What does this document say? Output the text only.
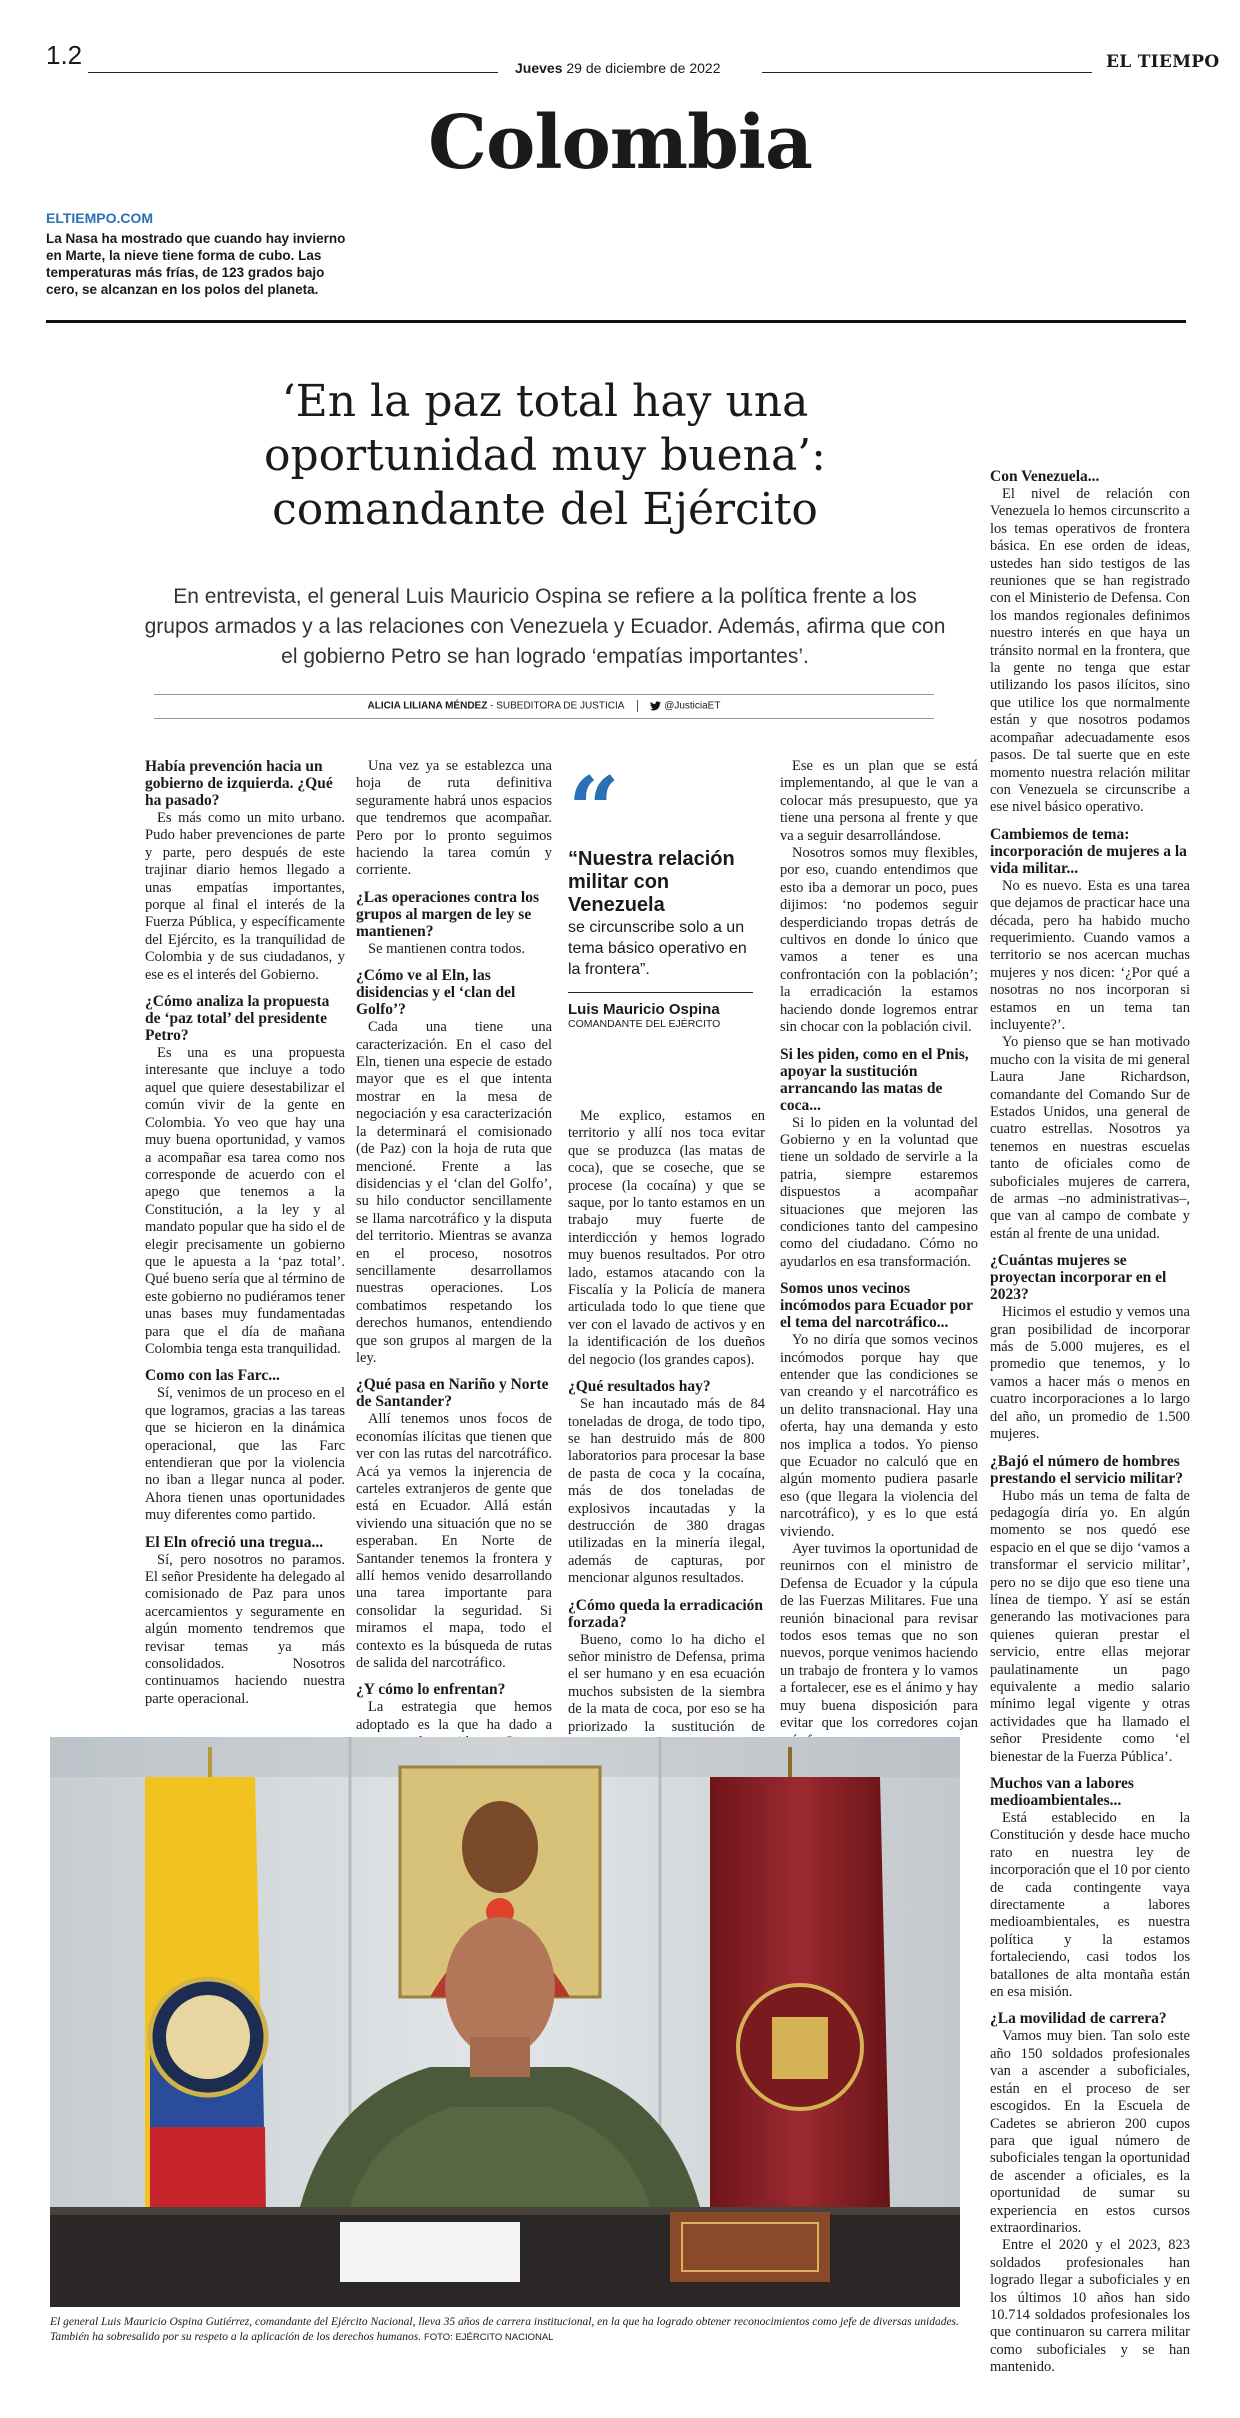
1.2	Jueves 29 de diciembre de 2022	EL TIEMPO
Colombia
ELTIEMPO.COM
La Nasa ha mostrado que cuando hay invierno en Marte, la nieve tiene forma de cubo. Las temperaturas más frías, de 123 grados bajo cero, se alcanzan en los polos del planeta.
‘En la paz total hay una
oportunidad muy buena’:
comandante del Ejército
En entrevista, el general Luis Mauricio Ospina se refiere a la política frente a los grupos armados y a las relaciones con Venezuela y Ecuador. Además, afirma que con el gobierno Petro se han logrado ‘empatías importantes’.
ALICIA LILIANA MÉNDEZ - SUBEDITORA DE JUSTICIA	@JusticiaET
Había prevención hacia un gobierno de izquierda. ¿Qué ha pasado?

Es más como un mito urbano. Pudo haber prevenciones de parte y parte, pero después de este trajinar diario hemos llegado a unas empatías importantes, porque al final el interés de la Fuerza Pública, y específicamente del Ejército, es la tranquilidad de Colombia y de sus ciudadanos, y ese es el interés del Gobierno.

¿Cómo analiza la propuesta de ‘paz total’ del presidente Petro?

Es una es una propuesta interesante que incluye a todo aquel que quiere desestabilizar el común vivir de la gente en Colombia. Yo veo que hay una muy buena oportunidad, y vamos a acompañar esa tarea como nos corresponde de acuerdo con el apego que tenemos a la Constitución, a la ley y al mandato popular que ha sido el de elegir precisamente un gobierno que le apuesta a la ‘paz total’. Qué bueno sería que al término de este gobierno no pudiéramos tener unas bases muy fundamentadas para que el día de mañana Colombia tenga esta tranquilidad.

Como con las Farc...

Sí, venimos de un proceso en el que logramos, gracias a las tareas que se hicieron en la dinámica operacional, que las Farc entendieran que por la violencia no iban a llegar nunca al poder. Ahora tienen unas oportunidades muy diferentes como partido.

El Eln ofreció una tregua...

Sí, pero nosotros no paramos. El señor Presidente ha delegado al comisionado de Paz para unos acercamientos y seguramente en algún momento tendremos que revisar temas ya más consolidados. Nosotros continuamos haciendo nuestra parte operacional.

Una vez ya se establezca una hoja de ruta definitiva seguramente habrá unos espacios que tendremos que acompañar. Pero por lo pronto seguimos haciendo la tarea común y corriente.

¿Las operaciones contra los grupos al margen de ley se mantienen?

Se mantienen contra todos.

¿Cómo ve al Eln, las disidencias y el ‘clan del Golfo’?

Cada una tiene una caracterización. En el caso del Eln, tienen una especie de estado mayor que es el que intenta mostrar en la mesa de negociación y esa caracterización la determinará el comisionado (de Paz) con la hoja de ruta que mencioné. Frente a las disidencias y el ‘clan del Golfo’, su hilo conductor sencillamente se llama narcotráfico y la disputa del territorio. Mientras se avanza en el proceso, nosotros sencillamente desarrollamos nuestras operaciones. Los combatimos respetando los derechos humanos, entendiendo que son grupos al margen de la ley.

¿Qué pasa en Nariño y Norte de Santander?

Allí tenemos unos focos de economías ilícitas que tienen que ver con las rutas del narcotráfico. Acá ya vemos la injerencia de carteles extranjeros de gente que está en Ecuador. Allá están viviendo una situación que no se esperaban. En Norte de Santander tenemos la frontera y allí hemos venido desarrollando una tarea importante para consolidar la seguridad. Si miramos el mapa, todo el contexto es la búsqueda de rutas de salida del narcotráfico.

¿Y cómo lo enfrentan?

La estrategia que hemos adoptado es la que ha dado a

“
“Nuestra relación militar con Venezuela
se circunscribe solo a un tema básico operativo en la frontera”.
Luis Mauricio Ospina
COMANDANTE DEL EJÉRCITO

Me explico, estamos en territorio y allí nos toca evitar que se produzca (las matas de coca), que se coseche, que se procese (la cocaína) y que se saque, por lo tanto estamos en un trabajo muy fuerte de interdicción y hemos logrado muy buenos resultados. Por otro lado, estamos atacando con la Fiscalía y la Policía de manera articulada todo lo que tiene que ver con el lavado de activos y en la identificación de los dueños del negocio (los grandes capos).

¿Qué resultados hay?

Se han incautado más de 84 toneladas de droga, de todo tipo, se han destruido más de 800 laboratorios para procesar la base de pasta de coca y la cocaína, más de dos toneladas de explosivos incautadas y la destrucción de 380 dragas utilizadas en la minería ilegal, además de capturas, por mencionar algunos resultados.

¿Cómo queda la erradicación forzada?

Bueno, como lo ha dicho el señor ministro de Defensa, prima el ser humano y en esa ecuación muchos subsisten de la siembra de la mata de coca, por eso se ha priorizado la sustitución de

Ese es un plan que se está implementando, al que le van a colocar más presupuesto, que ya tiene una persona al frente y que va a seguir desarrollándose.

Nosotros somos muy flexibles, por eso, cuando entendimos que esto iba a demorar un poco, pues dijimos: ‘no podemos seguir desperdiciando tropas detrás de cultivos en donde lo único que vamos a tener es una confrontación con la población’; la erradicación la estamos haciendo donde logremos entrar sin chocar con la población civil.

Si les piden, como en el Pnis, apoyar la sustitución arrancando las matas de coca...

Si lo piden en la voluntad del Gobierno y en la voluntad que tiene un soldado de servirle a la patria, siempre estaremos dispuestos a acompañar situaciones que mejoren las condiciones tanto del campesino como del ciudadano. Cómo no ayudarlos en esa transformación.

Somos unos vecinos incómodos para Ecuador por el tema del narcotráfico...

Yo no diría que somos vecinos incómodos porque hay que entender que las condiciones se van creando y el narcotráfico es un delito transnacional. Hay una oferta, hay una demanda y esto nos implica a todos. Yo pienso que Ecuador no calculó que en algún momento pudiera pasarle eso (que llegara la violencia del narcotráfico), y es lo que está viviendo.

Ayer tuvimos la oportunidad de reunirnos con el ministro de Defensa de Ecuador y la cúpula de las Fuerzas Militares. Fue una reunión binacional para revisar todos esos temas que no son nuevos, porque venimos haciendo un trabajo de frontera y lo vamos a fortalecer, ese es el ánimo y hay muy buena disposición para evitar que los corredores cojan

Con Venezuela...

El nivel de relación con Venezuela lo hemos circunscrito a los temas operativos de frontera básica. En ese orden de ideas, ustedes han sido testigos de las reuniones que se han registrado con el Ministerio de Defensa. Con los mandos regionales definimos nuestro interés en que haya un tránsito normal en la frontera, que la gente no tenga que estar utilizando los pasos ilícitos, sino que utilice los que normalmente están y que nosotros podamos acompañar adecuadamente esos pasos. De tal suerte que en este momento nuestra relación militar con Venezuela se circunscribe a ese nivel básico operativo.

Cambiemos de tema: incorporación de mujeres a la vida militar...

No es nuevo. Esta es una tarea que dejamos de practicar hace una década, pero ha habido mucho requerimiento. Cuando vamos a territorio se nos acercan muchas mujeres y nos dicen: ‘¿Por qué a nosotras no nos incorporan si estamos en un tema tan incluyente?’.

Yo pienso que se han motivado mucho con la visita de mi general Laura Jane Richardson, comandante del Comando Sur de Estados Unidos, una general de cuatro estrellas. Nosotros ya tenemos en nuestras escuelas tanto de oficiales como de suboficiales mujeres de carrera, de armas –no administrativas–, que van al campo de combate y están al frente de una unidad.

¿Cuántas mujeres se proyectan incorporar en el 2023?

Hicimos el estudio y vemos una gran posibilidad de incorporar más de 5.000 mujeres, es el promedio que tenemos, y lo vamos a hacer más o menos en cuatro incorporaciones a lo largo del año, un promedio de 1.500 mujeres.

¿Bajó el número de hombres prestando el servicio militar?

Hubo más un tema de falta de pedagogía diría yo. En algún momento se nos quedó ese espacio en el que se dijo ‘vamos a transformar el servicio militar’, pero no se dijo que eso tiene una línea de tiempo. Y así se están generando las motivaciones para quienes quieran prestar el servicio, entre ellas mejorar paulatinamente un pago equivalente a medio salario mínimo legal vigente y otras actividades que ha llamado el señor Presidente como ‘el bienestar de la Fuerza Pública’.

Muchos van a labores medioambientales...

Está establecido en la Constitución y desde hace mucho rato en nuestra ley de incorporación que el 10 por ciento de cada contingente vaya directamente a labores medioambientales, es nuestra política y la estamos fortaleciendo, casi todos los batallones de alta montaña están en esa misión.

¿La movilidad de carrera?

Vamos muy bien. Tan solo este año 150 soldados profesionales van a ascender a suboficiales, están en el proceso de ser escogidos. En la Escuela de Cadetes se abrieron 200 cupos para que igual número de suboficiales tengan la oportunidad de ascender a oficiales, es la oportunidad de sumar su experiencia en estos cursos extraordinarios.

Entre el 2020 y el 2023, 823 soldados profesionales han logrado llegar a suboficiales y en los últimos 10 años han sido 10.714 soldados profesionales los que continuaron su carrera militar como suboficiales y se han mantenido.

El general Luis Mauricio Ospina Gutiérrez, comandante del Ejército Nacional, lleva 35 años de carrera institucional, en la que ha logrado obtener reconocimientos como jefe de diversas unidades. También ha sobresalido por su respeto a la aplicación de los derechos humanos. FOTO: EJÉRCITO NACIONAL
